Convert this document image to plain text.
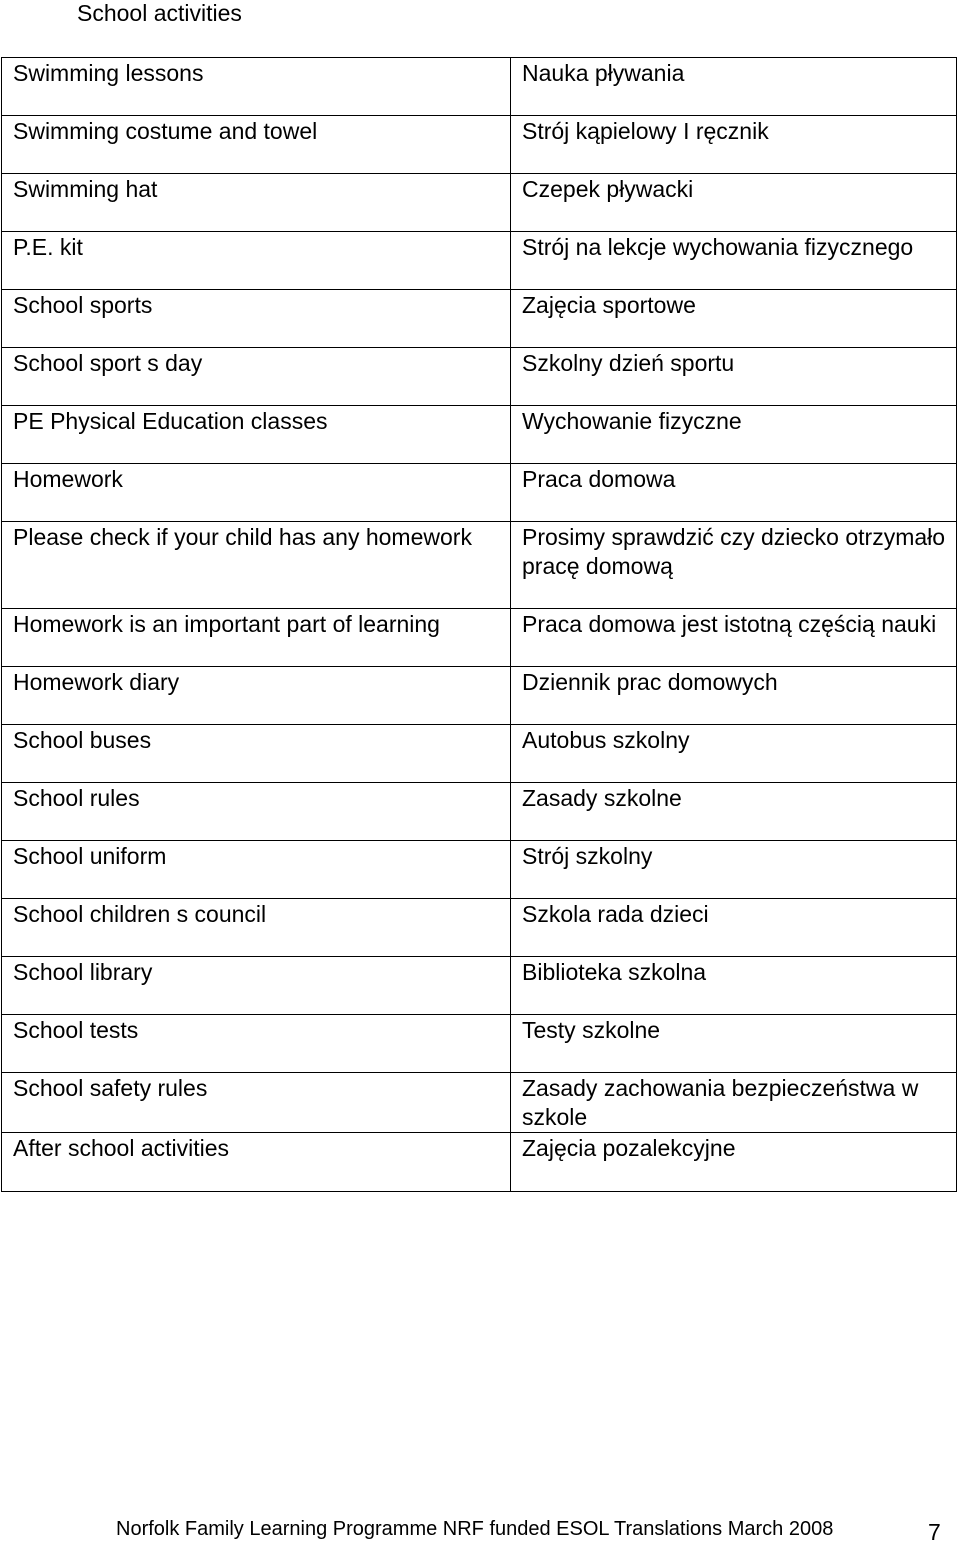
School activities
Swimming lessons	Nauka pływania
Swimming costume and towel	Strój kąpielowy I ręcznik
Swimming hat	Czepek pływacki
P.E. kit	Strój na lekcje wychowania fizycznego
School sports	Zajęcia sportowe
School sport s day	Szkolny dzień sportu
PE Physical Education classes	Wychowanie fizyczne
Homework	Praca domowa
Please check if your child has any homework	Prosimy sprawdzić czy dziecko otrzymało pracę domową
Homework is an important part of learning	Praca domowa jest istotną częścią nauki
Homework diary	Dziennik prac domowych
School buses	Autobus szkolny
School rules	Zasady szkolne
School uniform	Strój szkolny
School children s council	Szkola rada dzieci
School library	Biblioteka szkolna
School tests	Testy szkolne
School safety rules	Zasady zachowania bezpieczeństwa w szkole
After school activities	Zajęcia pozalekcyjne
Norfolk Family Learning Programme NRF funded ESOL Translations March 2008	7
